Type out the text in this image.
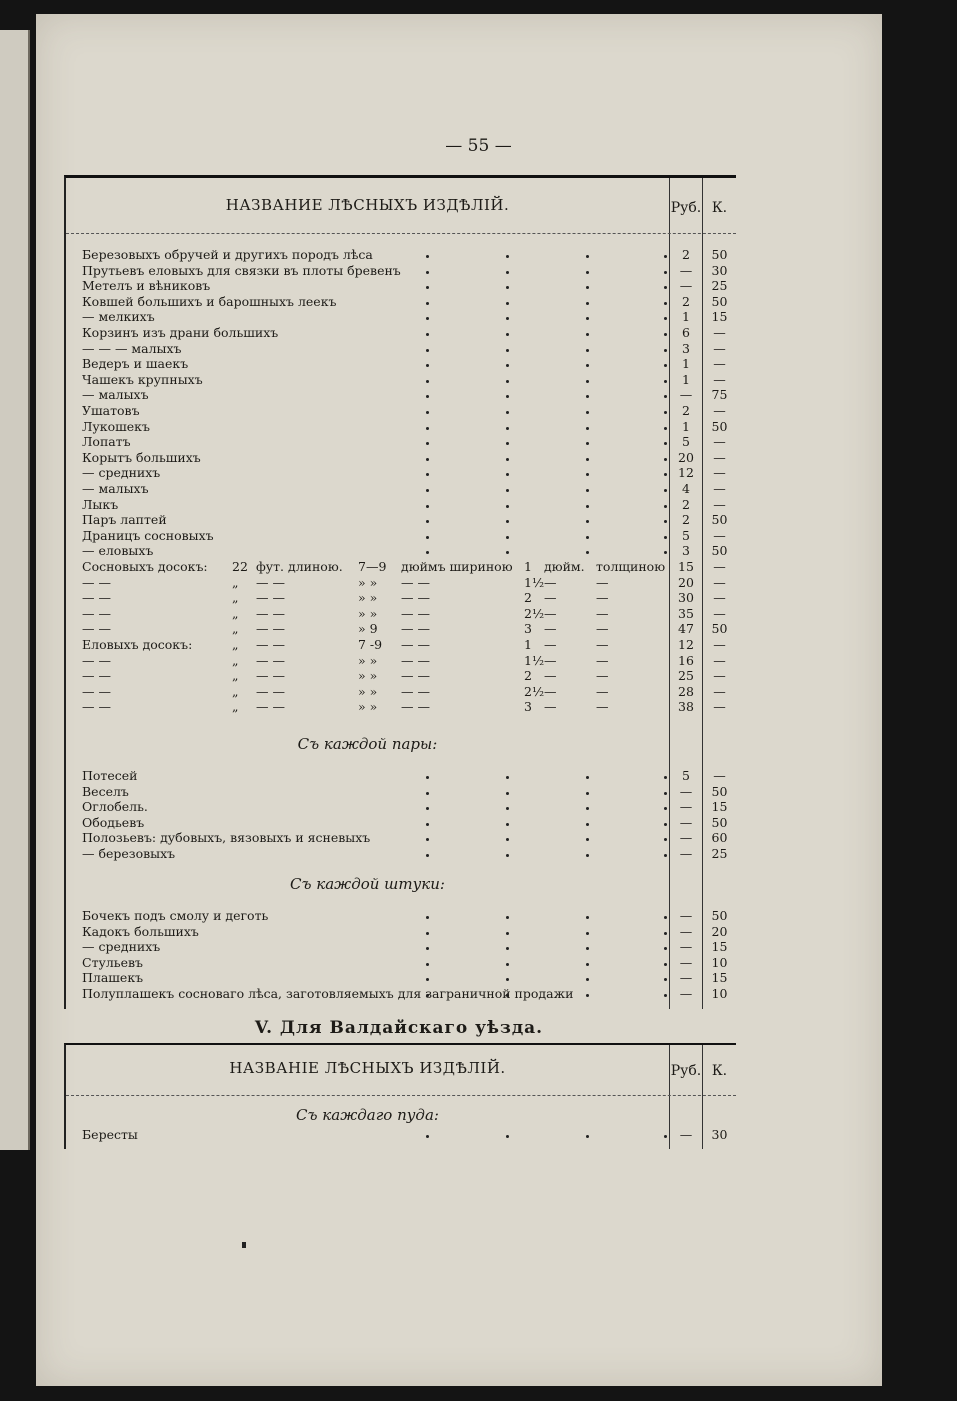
— 55 —
НАЗВАНИЕ ЛѢСНЫХЪ ИЗДѢЛІЙ.	Руб. К.
Съ каждой пары:
Съ каждой штуки:
Березовыхъ обручей и другихъ породъ лѣса	2	50
Прутьевъ еловыхъ для связки въ плоты бревенъ	—	30
Метелъ и вѣниковъ	—	25
Ковшей большихъ и барошныхъ леекъ	2	50
— мелкихъ	1	15
Корзинъ изъ драни большихъ	6	—
— — — малыхъ	3	—
Ведеръ и шаекъ	1	—
Чашекъ крупныхъ	1	—
— малыхъ	—	75
Ушатовъ	2	—
Лукошекъ	1	50
Лопатъ	5	—
Корытъ большихъ	20	—
— среднихъ	12	—
— малыхъ	4	—
Лыкъ	2	—
Паръ лаптей	2	50
Драницъ сосновыхъ	5	—
— еловыхъ	3	50
Сосновыхъ досокъ: 22 фут. длиною. 7—9 дюймъ шириною 1 дюйм. толщиною	15	—
— —	„ — —	» » — —	1½ —	—	20	—
— —	„ — —	» » — —	2 —	—	30	—
— —	„ — —	» » — —	2½ —	—	35	—
— —	„ — —	» 9 — —	3 —	—	47	50
Еловыхъ досокъ:	„ — —	7 -9 — —	1 —	—	12	—
— —	„ — —	» » — —	1½ —	—	16	—
— —	„ — —	» » — —	2 —	—	25	—
— —	„ — —	» » — —	2½ —	—	28	—
— —	„ — —	» » — —	3 —	—	38	—
Потесей	5	—
Веселъ	—	50
Оглобель.	—	15
Ободьевъ	—	50
Полозьевъ: дубовыхъ, вязовыхъ и ясневыхъ	—	60
— березовыхъ	—	25
Бочекъ подъ смолу и деготь	—	50
Кадокъ большихъ	—	20
— среднихъ	—	15
Стульевъ	—	10
Плашекъ	—	15
Полуплашекъ сосноваго лѣса, заготовляемыхъ для заграничной продажи	—	10
V. Для Валдайскаго уѣзда.
НАЗВАНІЕ ЛѢСНЫХЪ ИЗДѢЛІЙ.	Руб. К.
Съ каждаго пуда:
Бересты	—	30
